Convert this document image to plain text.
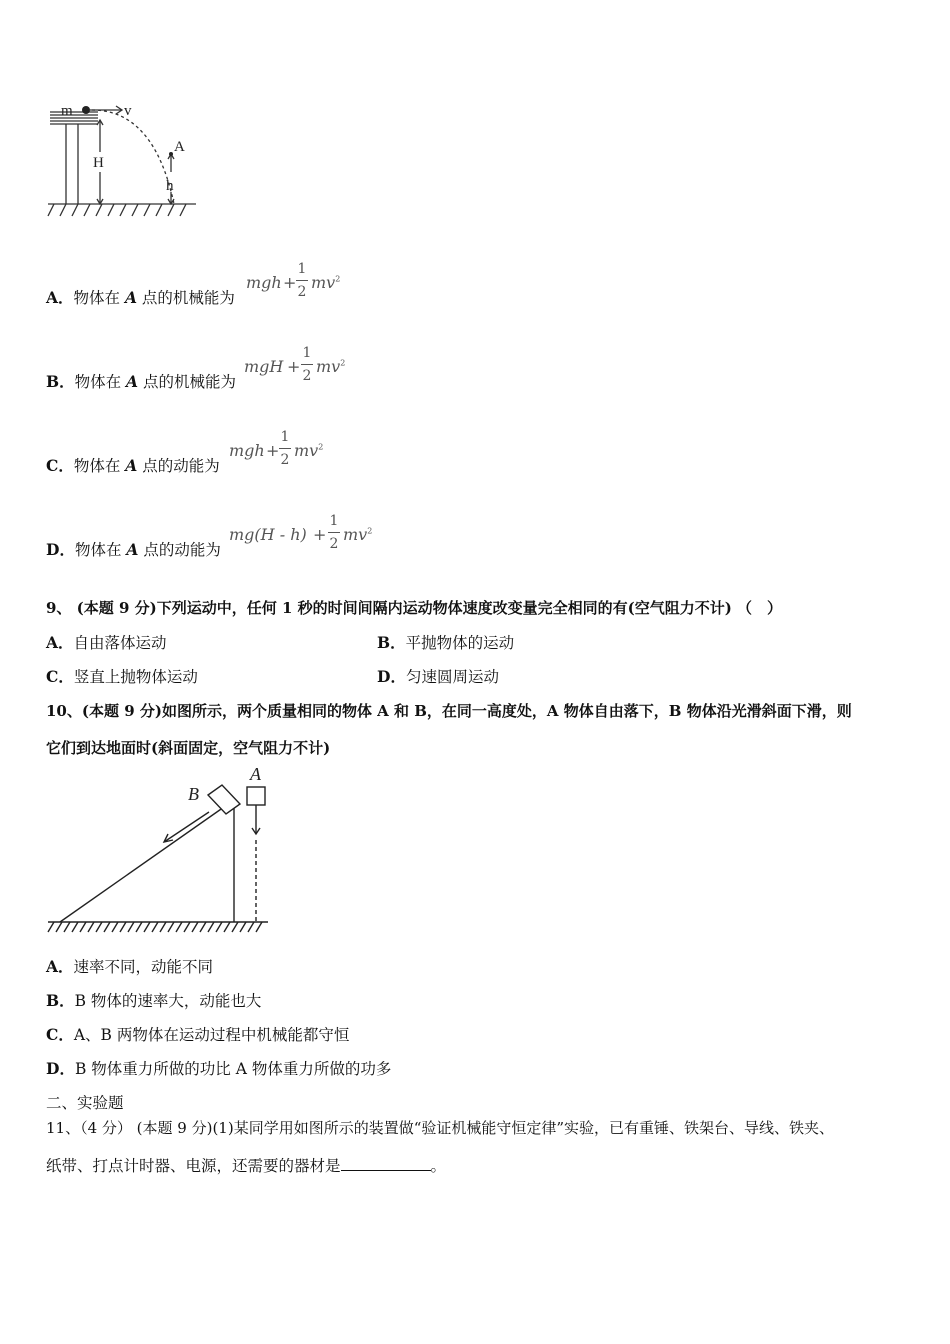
m	v
H
A
h
A．物体在 A 点的机械能为
mgh +
1
2 $mv^2$
B．物体在 A 点的机械能为
mgH +
1
2 $mv^2$
C．物体在 A 点的动能为
mgh +
1
2 $mv^2$
D．物体在 A 点的动能为
mg(H - h) +
1
2 $mv^2$
9、 (本题 9 分)下列运动中，任何 1 秒的时间间隔内运动物体速度改变量完全相同的有(空气阻力不计) （　）
A．自由落体运动	B．平抛物体的运动
C．竖直上抛物体运动	D．匀速圆周运动
10、(本题 9 分)如图所示，两个质量相同的物体 A 和 B，在同一高度处，A 物体自由落下，B 物体沿光滑斜面下滑，则
它们到达地面时(斜面固定，空气阻力不计)
B
A
A．速率不同，动能不同
B．B 物体的速率大，动能也大
C．A、B 两物体在运动过程中机械能都守恒
D．B 物体重力所做的功比 A 物体重力所做的功多
二、实验题
11、（4 分） (本题 9 分)(1)某同学用如图所示的装置做“验证机械能守恒定律”实验，已有重锤、铁架台、导线、铁夹、
纸带、打点计时器、电源，还需要的器材是	。
